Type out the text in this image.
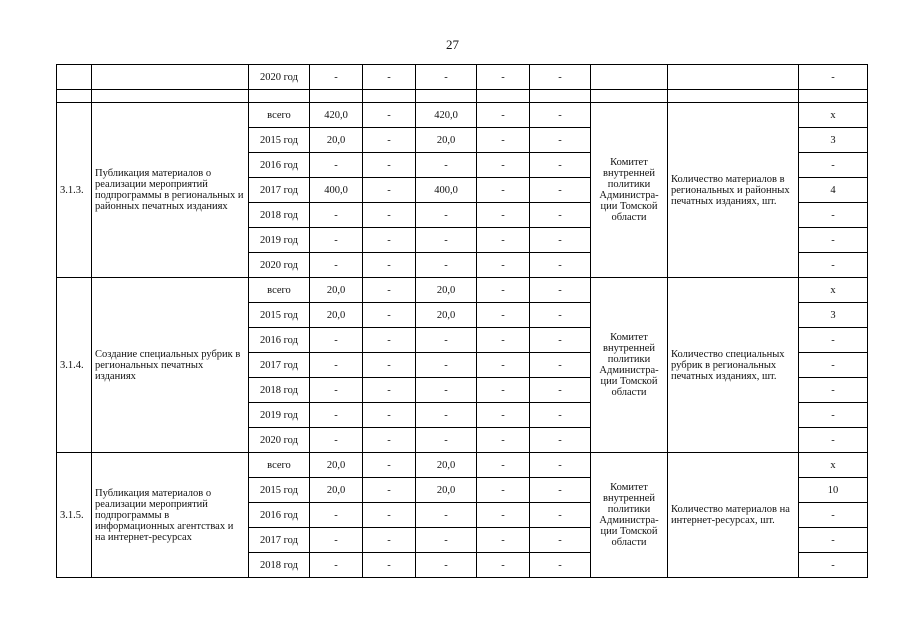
27
		2020 год	-	-	-	-	-			-

3.1.3.	Публикация материалов о реализации мероприятий подпрограммы в региональных и районных печатных изданиях	всего	420,0	-	420,0	-	-	Комитет внутренней политики Администра-ции Томской области	Количество материалов в региональных и районных печатных изданиях, шт.	x
		2015 год	20,0	-	20,0	-	-			3
		2016 год	-	-	-	-	-			-
		2017 год	400,0	-	400,0	-	-			4
		2018 год	-	-	-	-	-			-
		2019 год	-	-	-	-	-			-
		2020 год	-	-	-	-	-			-
3.1.4.	Создание специальных рубрик в региональных печатных изданиях	всего	20,0	-	20,0	-	-	Комитет внутренней политики Администра-ции Томской области	Количество специальных рубрик в региональных печатных изданиях, шт.	x
		2015 год	20,0	-	20,0	-	-			3
		2016 год	-	-	-	-	-			-
		2017 год	-	-	-	-	-			-
		2018 год	-	-	-	-	-			-
		2019 год	-	-	-	-	-			-
		2020 год	-	-	-	-	-			-
3.1.5.	Публикация материалов о реализации мероприятий подпрограммы в информационных агентствах и на интернет-ресурсах	всего	20,0	-	20,0	-	-	Комитет внутренней политики Администра-ции Томской области	Количество материалов на интернет-ресурсах, шт.	x
		2015 год	20,0	-	20,0	-	-			10
		2016 год	-	-	-	-	-			-
		2017 год	-	-	-	-	-			-
		2018 год	-	-	-	-	-			-
